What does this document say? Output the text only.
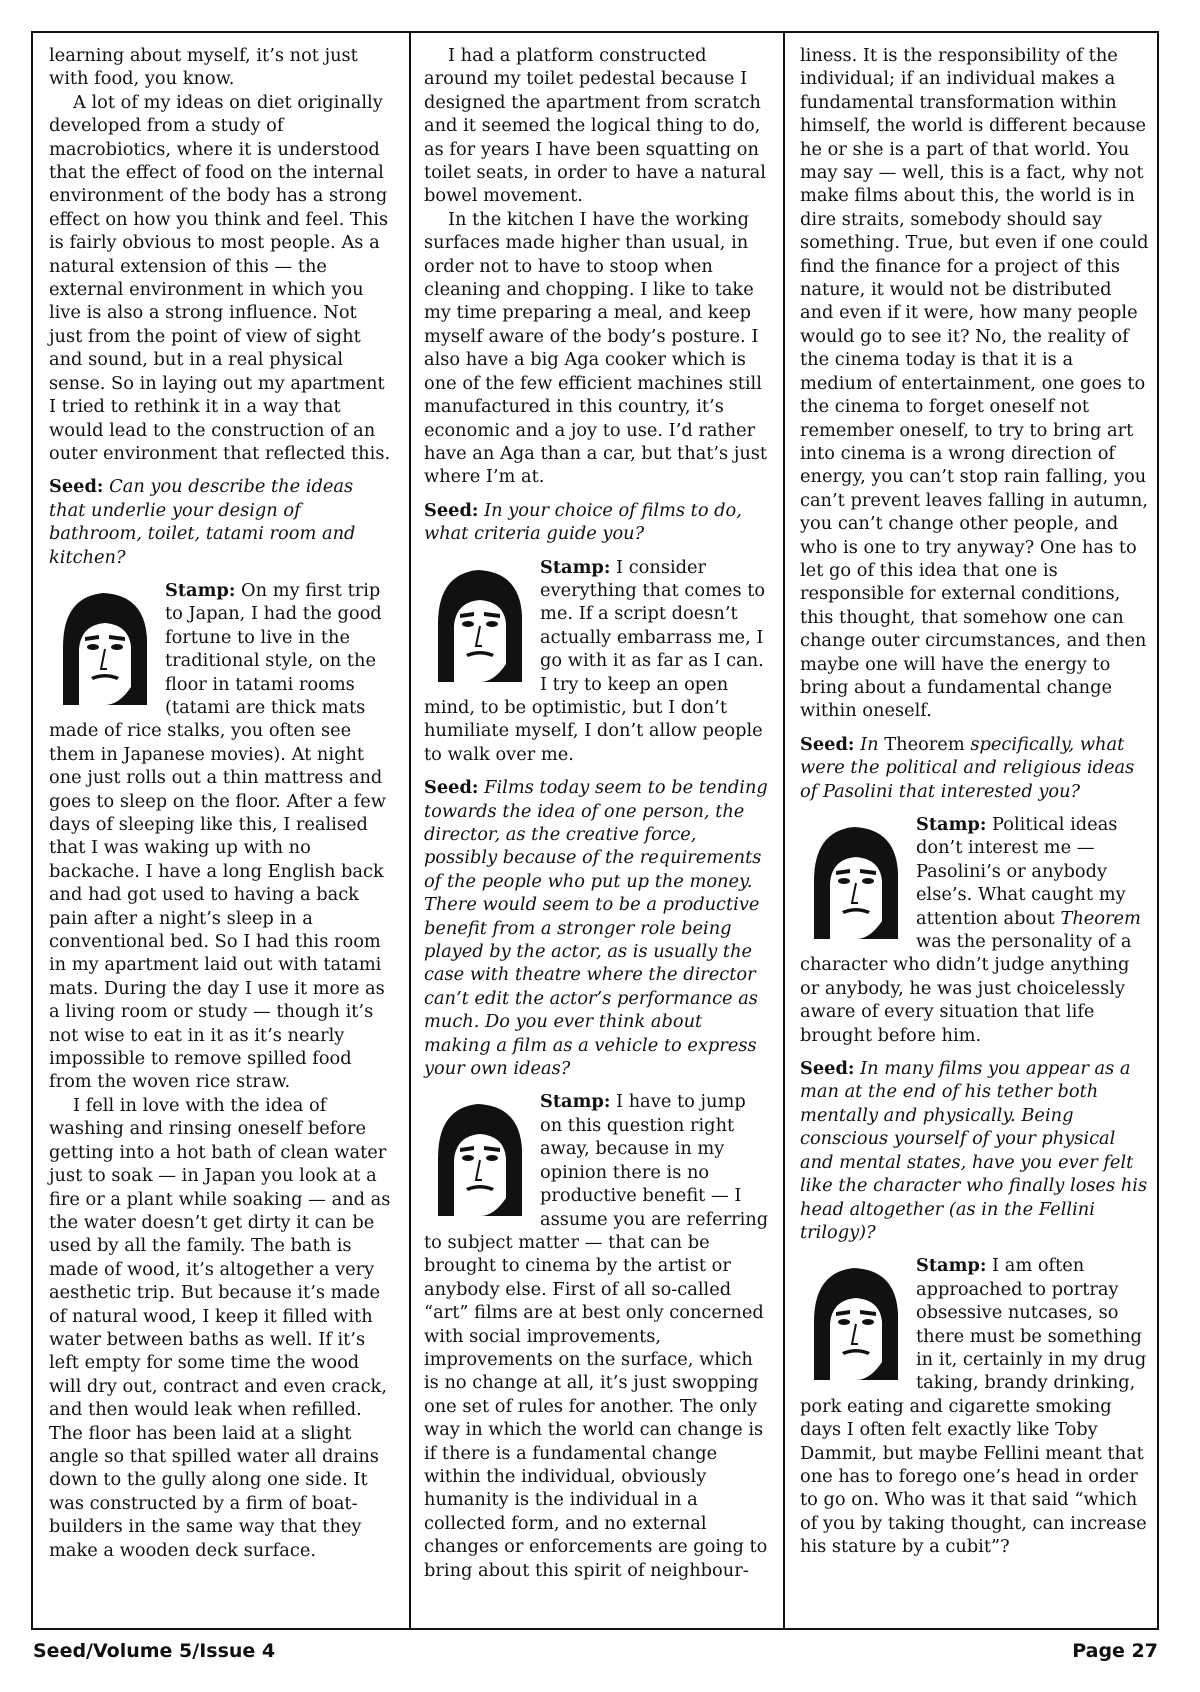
learning about myself, it’s not just with food, you know.

A lot of my ideas on diet originally developed from a study of macrobiotics, where it is understood that the effect of food on the internal environment of the body has a strong effect on how you think and feel. This is fairly obvious to most people. As a natural extension of this — the external environment in which you live is also a strong influence. Not just from the point of view of sight and sound, but in a real physical sense. So in laying out my apartment I tried to rethink it in a way that would lead to the construction of an outer environment that reflected this.

Seed: Can you describe the ideas that underlie your design of bathroom, toilet, tatami room and kitchen?

Stamp: On my first trip to Japan, I had the good fortune to live in the traditional style, on the floor in tatami rooms (tatami are thick mats made of rice stalks, you often see them in Japanese movies). At night one just rolls out a thin mattress and goes to sleep on the floor. After a few days of sleeping like this, I realised that I was waking up with no backache. I have a long English back and had got used to having a back pain after a night’s sleep in a conventional bed. So I had this room in my apartment laid out with tatami mats. During the day I use it more as a living room or study — though it’s not wise to eat in it as it’s nearly impossible to remove spilled food from the woven rice straw.

I fell in love with the idea of washing and rinsing oneself before getting into a hot bath of clean water just to soak — in Japan you look at a fire or a plant while soaking — and as the water doesn’t get dirty it can be used by all the family. The bath is made of wood, it’s altogether a very aesthetic trip. But because it’s made of natural wood, I keep it filled with water between baths as well. If it’s left empty for some time the wood will dry out, contract and even crack, and then would leak when refilled. The floor has been laid at a slight angle so that spilled water all drains down to the gully along one side. It was constructed by a firm of boat-builders in the same way that they make a wooden deck surface.

I had a platform constructed around my toilet pedestal because I designed the apartment from scratch and it seemed the logical thing to do, as for years I have been squatting on toilet seats, in order to have a natural bowel movement.

In the kitchen I have the working surfaces made higher than usual, in order not to have to stoop when cleaning and chopping. I like to take my time preparing a meal, and keep myself aware of the body’s posture. I also have a big Aga cooker which is one of the few efficient machines still manufactured in this country, it’s economic and a joy to use. I’d rather have an Aga than a car, but that’s just where I’m at.

Seed: In your choice of films to do, what criteria guide you?

Stamp: I consider everything that comes to me. If a script doesn’t actually embarrass me, I go with it as far as I can. I try to keep an open mind, to be optimistic, but I don’t humiliate myself, I don’t allow people to walk over me.

Seed: Films today seem to be tending towards the idea of one person, the director, as the creative force, possibly because of the requirements of the people who put up the money. There would seem to be a productive benefit from a stronger role being played by the actor, as is usually the case with theatre where the director can’t edit the actor’s performance as much. Do you ever think about making a film as a vehicle to express your own ideas?

Stamp: I have to jump on this question right away, because in my opinion there is no productive benefit — I assume you are referring to subject matter — that can be brought to cinema by the artist or anybody else. First of all so-called “art” films are at best only concerned with social improvements, improvements on the surface, which is no change at all, it’s just swopping one set of rules for another. The only way in which the world can change is if there is a fundamental change within the individual, obviously humanity is the individual in a collected form, and no external changes or enforcements are going to bring about this spirit of neighbour-

liness. It is the responsibility of the individual; if an individual makes a fundamental transformation within himself, the world is different because he or she is a part of that world. You may say — well, this is a fact, why not make films about this, the world is in dire straits, somebody should say something. True, but even if one could find the finance for a project of this nature, it would not be distributed and even if it were, how many people would go to see it? No, the reality of the cinema today is that it is a medium of entertainment, one goes to the cinema to forget oneself not remember oneself, to try to bring art into cinema is a wrong direction of energy, you can’t stop rain falling, you can’t prevent leaves falling in autumn, you can’t change other people, and who is one to try anyway? One has to let go of this idea that one is responsible for external conditions, this thought, that somehow one can change outer circumstances, and then maybe one will have the energy to bring about a fundamental change within oneself.

Seed: In Theorem specifically, what were the political and religious ideas of Pasolini that interested you?

Stamp: Political ideas don’t interest me — Pasolini’s or anybody else’s. What caught my attention about Theorem was the personality of a character who didn’t judge anything or anybody, he was just choicelessly aware of every situation that life brought before him.

Seed: In many films you appear as a man at the end of his tether both mentally and physically. Being conscious yourself of your physical and mental states, have you ever felt like the character who finally loses his head altogether (as in the Fellini trilogy)?

Stamp: I am often approached to portray obsessive nutcases, so there must be something in it, certainly in my drug taking, brandy drinking, pork eating and cigarette smoking days I often felt exactly like Toby Dammit, but maybe Fellini meant that one has to forego one’s head in order to go on. Who was it that said “which of you by taking thought, can increase his stature by a cubit”?

Seed/Volume 5/Issue 4	Page 27
